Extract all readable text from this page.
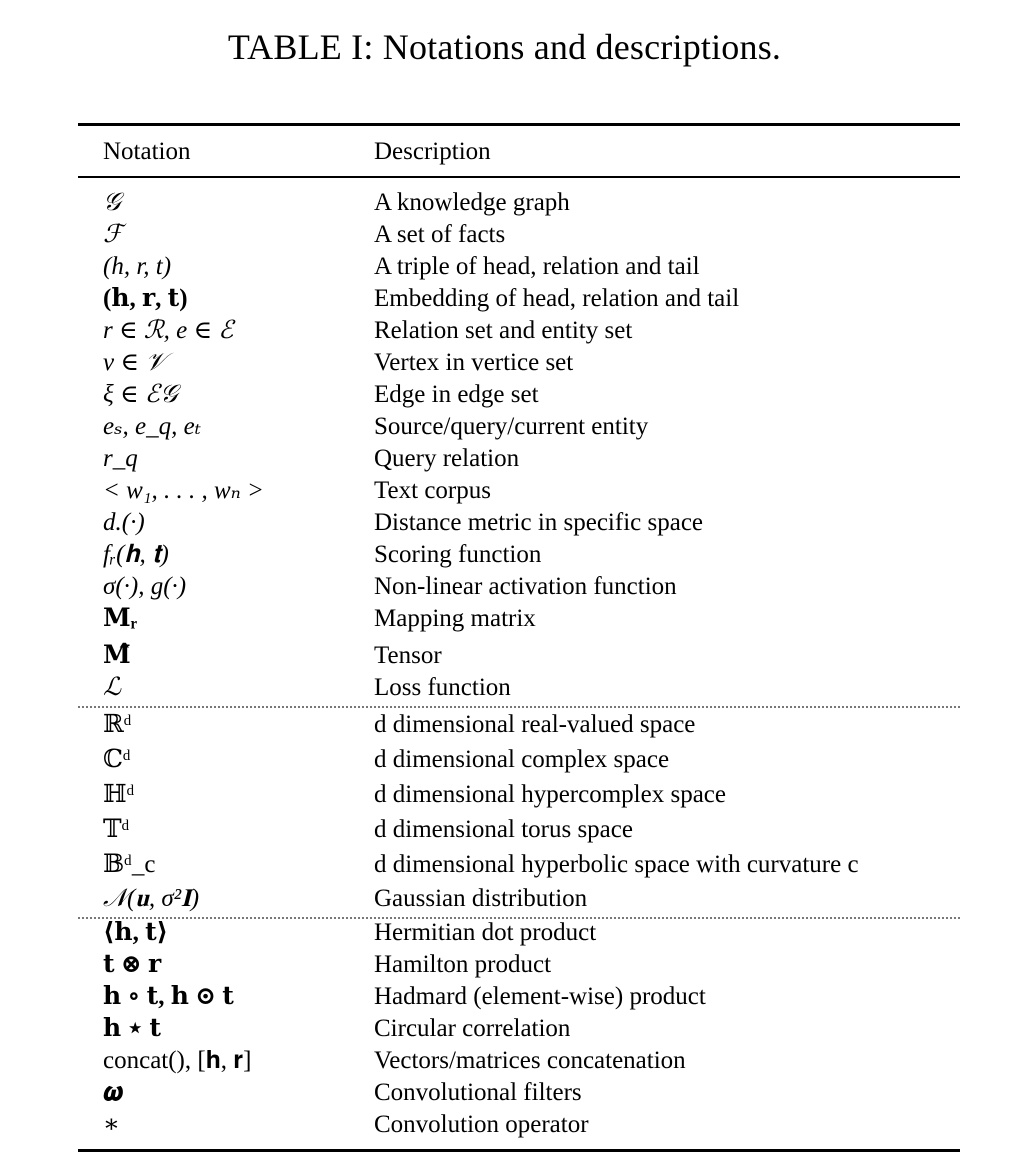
TABLE I: Notations and descriptions.
Notation	Description
𝒢	A knowledge graph
ℱ	A set of facts
(h, r, t)	A triple of head, relation and tail
(𝐡, 𝐫, 𝐭)	Embedding of head, relation and tail
r ∈ ℛ, e ∈ ℰ	Relation set and entity set
v ∈ 𝒱	Vertex in vertice set
ξ ∈ ℰ𝒢	Edge in edge set
eₛ, e_q, eₜ	Source/query/current entity
r_q	Query relation
< w₁, . . . , wₙ >	Text corpus
d.(·)	Distance metric in specific space
fᵣ(𝐡, 𝐭)	Scoring function
σ(·), g(·)	Non-linear activation function
𝐌ᵣ	Mapping matrix
𝐌̂	Tensor
ℒ	Loss function
ℝᵈ	d dimensional real-valued space
ℂᵈ	d dimensional complex space
ℍᵈ	d dimensional hypercomplex space
𝕋ᵈ	d dimensional torus space
𝔹ᵈ_c	d dimensional hyperbolic space with curvature c
𝒩(𝐮, σ²𝐈)	Gaussian distribution
⟨𝐡, 𝐭⟩	Hermitian dot product
𝐭 ⊗ 𝐫	Hamilton product
𝐡 ∘ 𝐭, 𝐡 ⊙ 𝐭	Hadmard (element-wise) product
𝐡 ⋆ 𝐭	Circular correlation
concat(), [𝐡, 𝐫]	Vectors/matrices concatenation
𝝎	Convolutional filters
∗	Convolution operator
